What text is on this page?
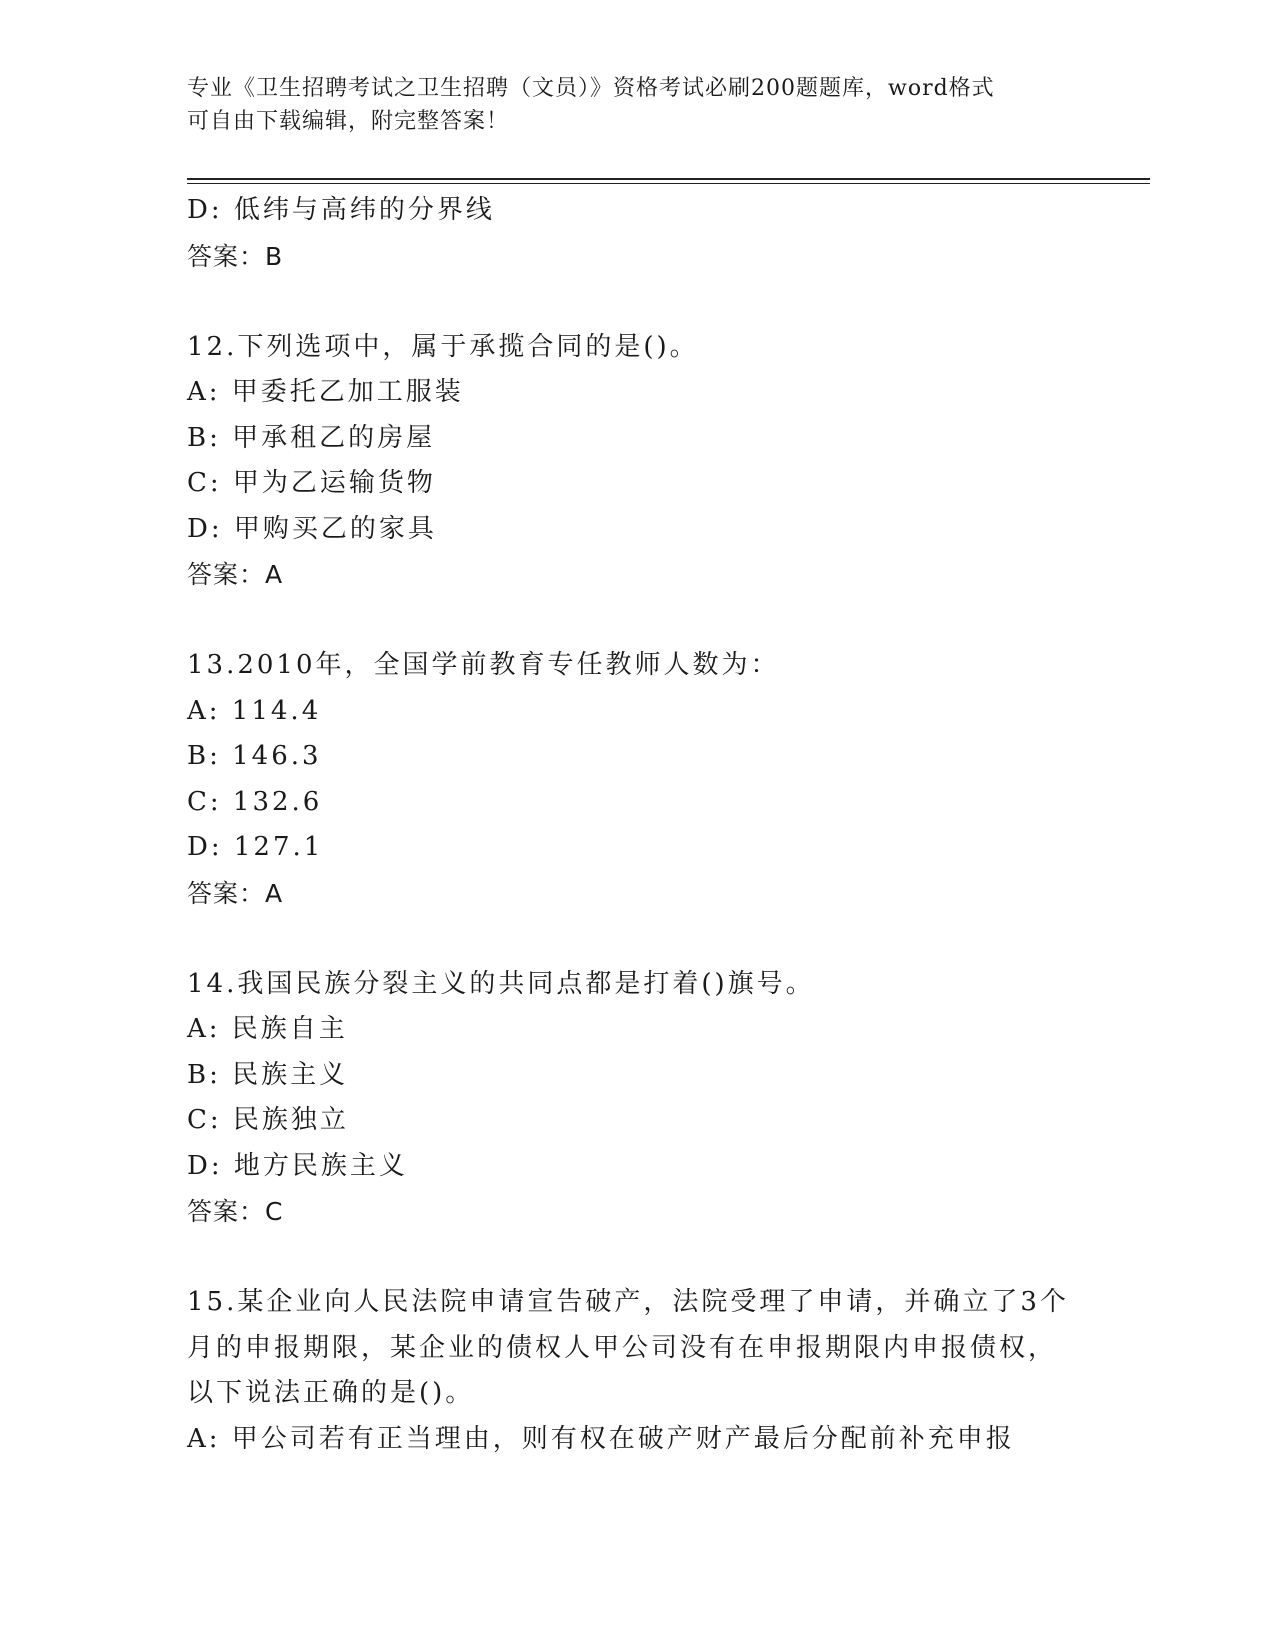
专业《卫生招聘考试之卫生招聘（文员）》资格考试必刷200题题库，word格式
可自由下载编辑，附完整答案！
D: 低纬与高纬的分界线
答案：B
12.下列选项中，属于承揽合同的是()。
A: 甲委托乙加工服装
B: 甲承租乙的房屋
C: 甲为乙运输货物
D: 甲购买乙的家具
答案：A
13.2010年，全国学前教育专任教师人数为：
A: 114.4
B: 146.3
C: 132.6
D: 127.1
答案：A
14.我国民族分裂主义的共同点都是打着()旗号。
A: 民族自主
B: 民族主义
C: 民族独立
D: 地方民族主义
答案：C
15.某企业向人民法院申请宣告破产，法院受理了申请，并确立了3个
月的申报期限，某企业的债权人甲公司没有在申报期限内申报债权，
以下说法正确的是()。
A: 甲公司若有正当理由，则有权在破产财产最后分配前补充申报
